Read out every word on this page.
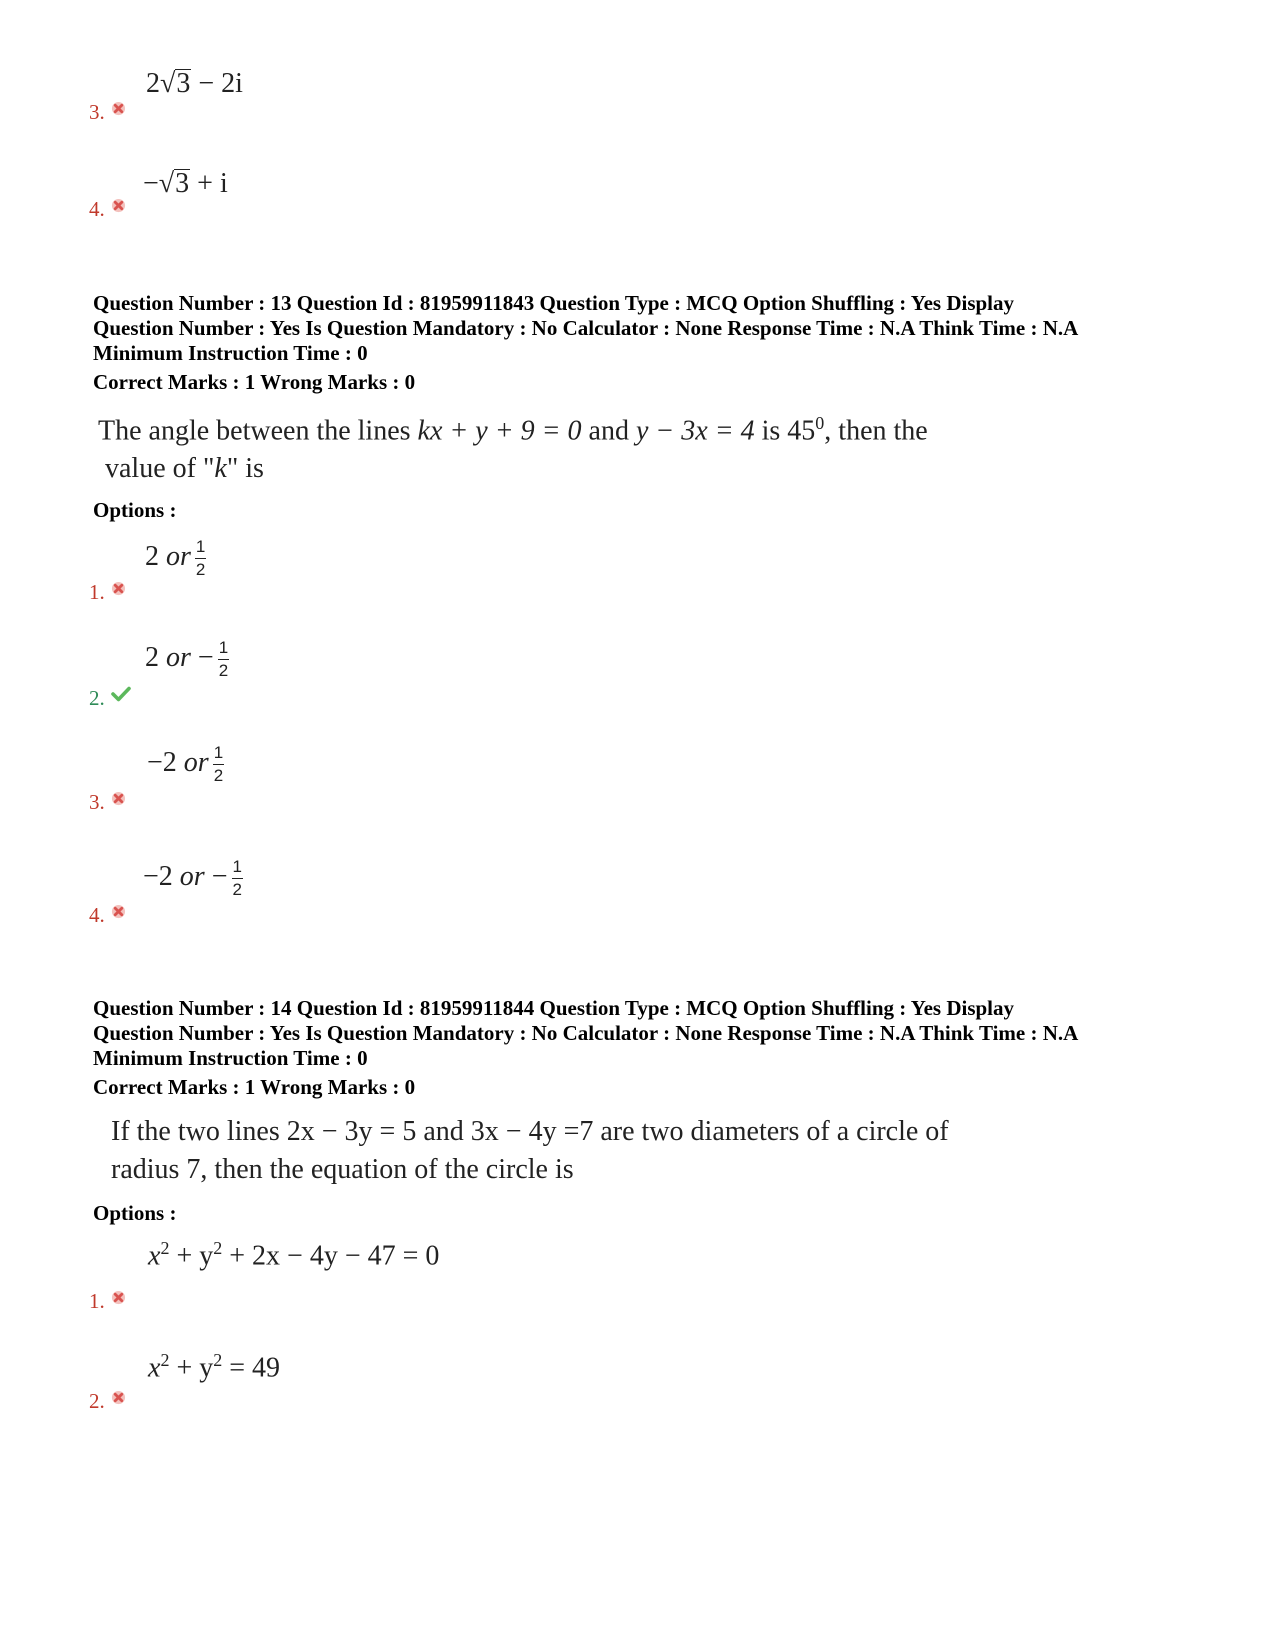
2√3 − 2i
3.
−√3 + i
4.
Question Number : 13 Question Id : 81959911843 Question Type : MCQ Option Shuffling : Yes Display
Question Number : Yes Is Question Mandatory : No Calculator : None Response Time : N.A Think Time : N.A
Minimum Instruction Time : 0
Correct Marks : 1 Wrong Marks : 0
The angle between the lines kx + y + 9 = 0 and y − 3x = 4 is $45^0$, then the
value of "k" is
Options :
2 or $\frac{1}{2}$
1.
2 or − $\frac{1}{2}$
2.
−2 or $\frac{1}{2}$
3.
−2 or − $\frac{1}{2}$
4.
Question Number : 14 Question Id : 81959911844 Question Type : MCQ Option Shuffling : Yes Display
Question Number : Yes Is Question Mandatory : No Calculator : None Response Time : N.A Think Time : N.A
Minimum Instruction Time : 0
Correct Marks : 1 Wrong Marks : 0
If the two lines 2x − 3y = 5 and 3x − 4y =7 are two diameters of a circle of
radius 7, then the equation of the circle is
Options :
$x^2 + y^2 + 2x - 4y - 47 = 0$
1.
$x^2 + y^2 = 49$
2.
